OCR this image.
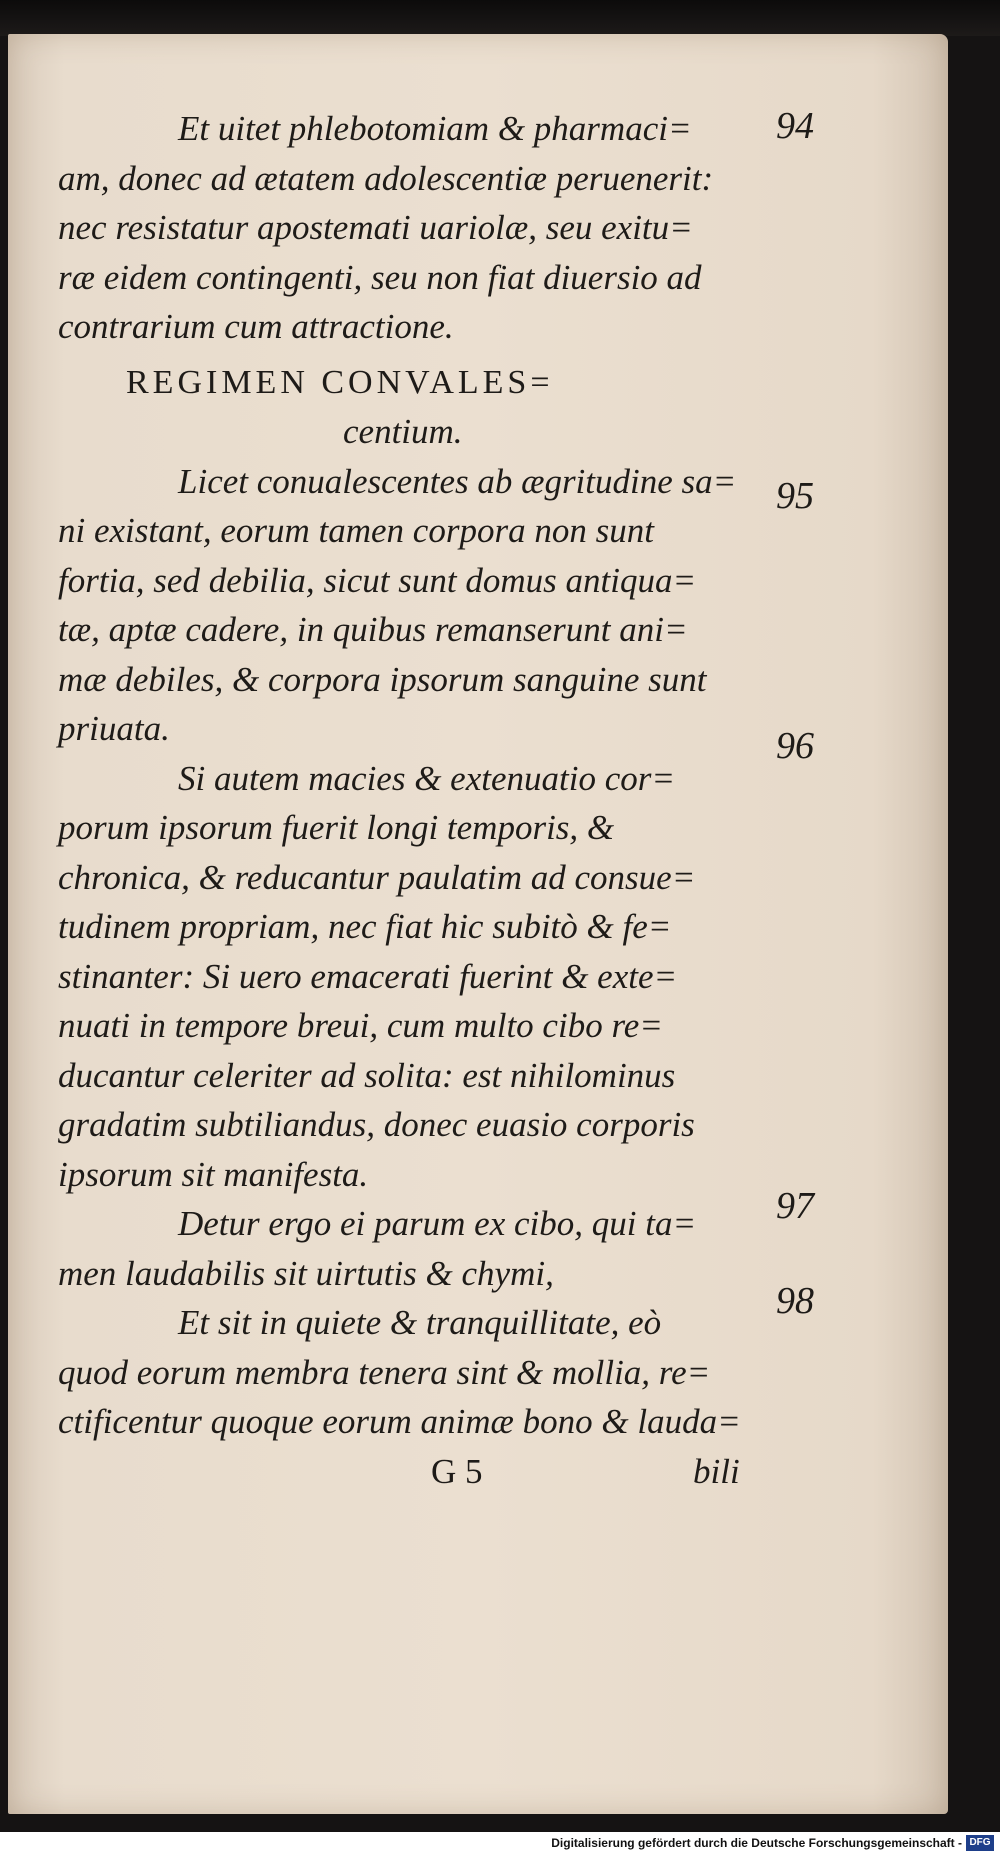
Et uitet phlebotomiam & pharmaci=
am, donec ad ætatem adolescentiæ peruenerit:
nec resistatur apostemati uariolæ, seu exitu=
ræ eidem contingenti, seu non fiat diuersio ad
contrarium cum attractione.
REGIMEN CONVALES=
centium.
Licet conualescentes ab ægritudine sa=
ni existant, eorum tamen corpora non sunt
fortia, sed debilia, sicut sunt domus antiqua=
tæ, aptæ cadere, in quibus remanserunt ani=
mæ debiles, & corpora ipsorum sanguine sunt
priuata.
Si autem macies & extenuatio cor=
porum ipsorum fuerit longi temporis, &
chronica, & reducantur paulatim ad consue=
tudinem propriam, nec fiat hic subitò & fe=
stinanter: Si uero emacerati fuerint & exte=
nuati in tempore breui, cum multo cibo re=
ducantur celeriter ad solita: est nihilominus
gradatim subtiliandus, donec euasio corporis
ipsorum sit manifesta.
Detur ergo ei parum ex cibo, qui ta=
men laudabilis sit uirtutis & chymi,
Et sit in quiete & tranquillitate, eò
quod eorum membra tenera sint & mollia, re=
ctificentur quoque eorum animæ bono & lauda=
G 5	bili
94
95
96
97
98
Digitalisierung gefördert durch die Deutsche Forschungsgemeinschaft - DFG
